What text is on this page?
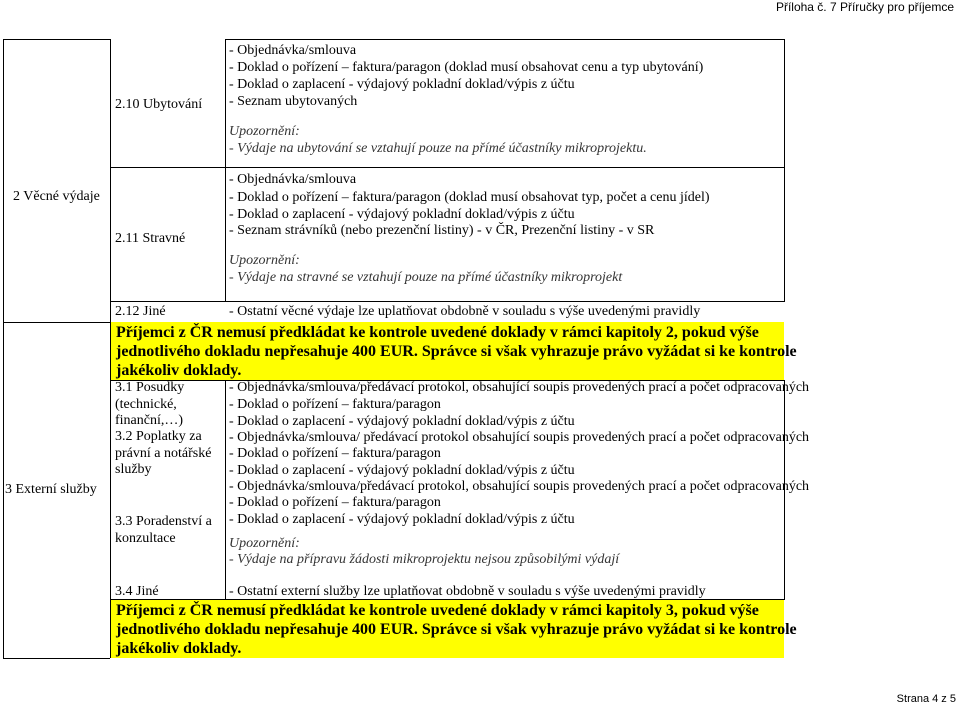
Příloha č. 7 Příručky pro příjemce
2 Věcné výdaje
2.10 Ubytování
- Objednávka/smlouva
- Doklad o pořízení – faktura/paragon (doklad musí obsahovat cenu a typ ubytování)
- Doklad o zaplacení - výdajový pokladní doklad/výpis z účtu
- Seznam ubytovaných
Upozornění:
- Výdaje na ubytování se vztahují pouze na přímé účastníky mikroprojektu.
2.11 Stravné
- Objednávka/smlouva
- Doklad o pořízení – faktura/paragon (doklad musí obsahovat typ, počet a cenu jídel)
- Doklad o zaplacení - výdajový pokladní doklad/výpis z účtu
- Seznam strávníků (nebo prezenční listiny) - v ČR, Prezenční listiny - v SR
Upozornění:
- Výdaje na stravné se vztahují pouze na přímé účastníky mikroprojekt
2.12 Jiné	- Ostatní věcné výdaje lze uplatňovat obdobně v souladu s výše uvedenými pravidly
Příjemci z ČR nemusí předkládat ke kontrole uvedené doklady v rámci kapitoly 2, pokud výše
jednotlivého dokladu nepřesahuje 400 EUR. Správce si však vyhrazuje právo vyžádat si ke kontrole
jakékoliv doklady.
3 Externí služby
3.1 Posudky
(technické,
finanční,…)
3.2 Poplatky za
právní a notářské
služby
3.3 Poradenství a
konzultace
- Objednávka/smlouva/předávací protokol, obsahující soupis provedených prací a počet odpracovaných
- Doklad o pořízení – faktura/paragon
- Doklad o zaplacení - výdajový pokladní doklad/výpis z účtu
- Objednávka/smlouva/ předávací protokol obsahující soupis provedených prací a počet odpracovaných
- Doklad o pořízení – faktura/paragon
- Doklad o zaplacení - výdajový pokladní doklad/výpis z účtu
- Objednávka/smlouva/předávací protokol, obsahující soupis provedených prací a počet odpracovaných
- Doklad o pořízení – faktura/paragon
- Doklad o zaplacení - výdajový pokladní doklad/výpis z účtu
Upozornění:
- Výdaje na přípravu žádosti mikroprojektu nejsou způsobilými výdají
3.4 Jiné	- Ostatní externí služby lze uplatňovat obdobně v souladu s výše uvedenými pravidly
Příjemci z ČR nemusí předkládat ke kontrole uvedené doklady v rámci kapitoly 3, pokud výše
jednotlivého dokladu nepřesahuje 400 EUR. Správce si však vyhrazuje právo vyžádat si ke kontrole
jakékoliv doklady.
Strana 4 z 5
